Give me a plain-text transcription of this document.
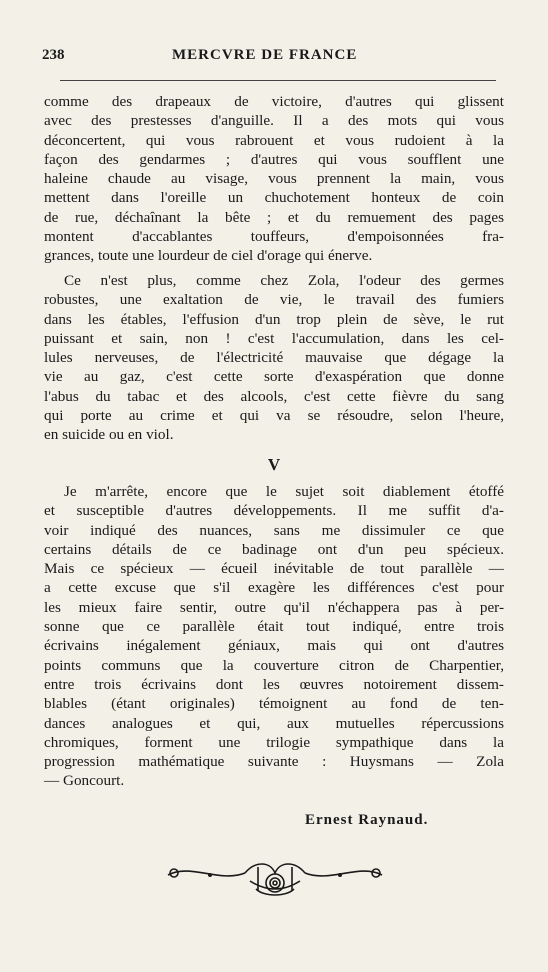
238	MERCVRE DE FRANCE
comme des drapeaux de victoire, d'autres qui glissent
avec des prestesses d'anguille. Il a des mots qui vous
déconcertent, qui vous rabrouent et vous rudoient à la
façon des gendarmes ; d'autres qui vous soufflent une
haleine chaude au visage, vous prennent la main, vous
mettent dans l'oreille un chuchotement honteux de coin
de rue, déchaînant la bête ; et du remuement des pages
montent d'accablantes touffeurs, d'empoisonnées fra-
grances, toute une lourdeur de ciel d'orage qui énerve.
Ce n'est plus, comme chez Zola, l'odeur des germes
robustes, une exaltation de vie, le travail des fumiers
dans les étables, l'effusion d'un trop plein de sève, le rut
puissant et sain, non ! c'est l'accumulation, dans les cel-
lules nerveuses, de l'électricité mauvaise que dégage la
vie au gaz, c'est cette sorte d'exaspération que donne
l'abus du tabac et des alcools, c'est cette fièvre du sang
qui porte au crime et qui va se résoudre, selon l'heure,
en suicide ou en viol.
V
Je m'arrête, encore que le sujet soit diablement étoffé
et susceptible d'autres développements. Il me suffit d'a-
voir indiqué des nuances, sans me dissimuler ce que
certains détails de ce badinage ont d'un peu spécieux.
Mais ce spécieux — écueil inévitable de tout parallèle —
a cette excuse que s'il exagère les différences c'est pour
les mieux faire sentir, outre qu'il n'échappera pas à per-
sonne que ce parallèle était tout indiqué, entre trois
écrivains inégalement géniaux, mais qui ont d'autres
points communs que la couverture citron de Charpentier,
entre trois écrivains dont les œuvres notoirement dissem-
blables (étant originales) témoignent au fond de ten-
dances analogues et qui, aux mutuelles répercussions
chromiques, forment une trilogie sympathique dans la
progression mathématique suivante : Huysmans — Zola
— Goncourt.
Ernest Raynaud.
